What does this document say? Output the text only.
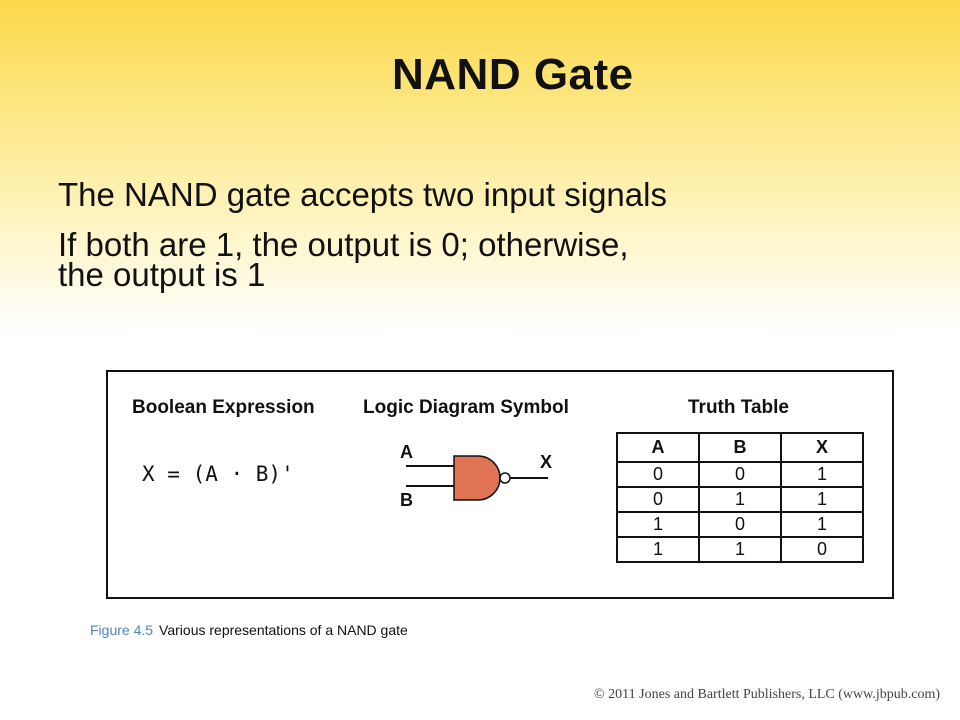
NAND Gate

The NAND gate accepts two input signals

If both are 1, the output is 0; otherwise,
the output is 1

Boolean Expression

X = (A · B)'

Logic Diagram Symbol

A
B
X

Truth Table

A	B	X
0	0	1
0	1	1
1	0	1
1	1	0
Figure 4.5 Various representations of a NAND gate
© 2011 Jones and Bartlett Publishers, LLC (www.jbpub.com)
